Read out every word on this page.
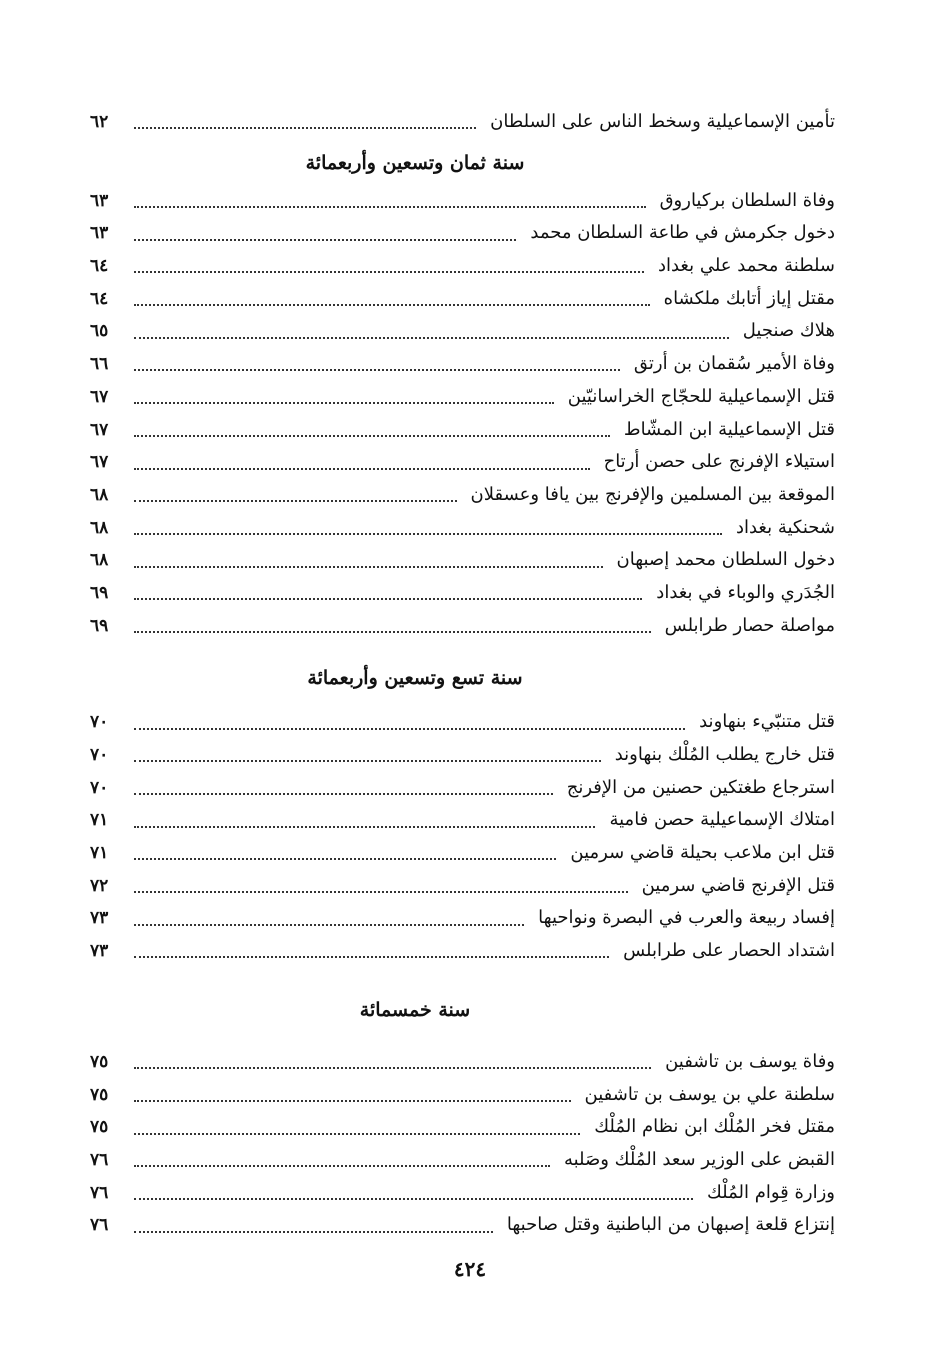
تأمين الإسماعيلية وسخط الناس على السلطان
٦٢
سنة ثمان وتسعين وأربعمائة
وفاة السلطان بركياروق
٦٣
دخول جكرمش في طاعة السلطان محمد
٦٣
سلطنة محمد علي بغداد
٦٤
مقتل إياز أتابك ملكشاه
٦٤
هلاك صنجيل
٦٥
وفاة الأمير سُقمان بن أرتق
٦٦
قتل الإسماعيلية للحجّاج الخراسانيّين
٦٧
قتل الإسماعيلية ابن المشّاط
٦٧
استيلاء الإفرنج على حصن أرتاح
٦٧
الموقعة بين المسلمين والإفرنج بين يافا وعسقلان
٦٨
شحنكية بغداد
٦٨
دخول السلطان محمد إصبهان
٦٨
الجُدَري والوباء في بغداد
٦٩
مواصلة حصار طرابلس
٦٩
سنة تسع وتسعين وأربعمائة
قتل متنبّيء بنهاوند
٧٠
قتل خارج يطلب المُلْك بنهاوند
٧٠
استرجاع طغتكين حصنين من الإفرنج
٧٠
امتلاك الإسماعيلية حصن فامية
٧١
قتل ابن ملاعب بحيلة قاضي سرمين
٧١
قتل الإفرنج قاضي سرمين
٧٢
إفساد ربيعة والعرب في البصرة ونواحيها
٧٣
اشتداد الحصار على طرابلس
٧٣
سنة خمسمائة
وفاة يوسف بن تاشفين
٧٥
سلطنة علي بن يوسف بن تاشفين
٧٥
مقتل فخر المُلْك ابن نظام المُلْك
٧٥
القبض على الوزير سعد المُلْك وصَلبه
٧٦
وزارة قِوام المُلْك
٧٦
إنتزاع قلعة إصبهان من الباطنية وقتل صاحبها
٧٦
٤٢٤
